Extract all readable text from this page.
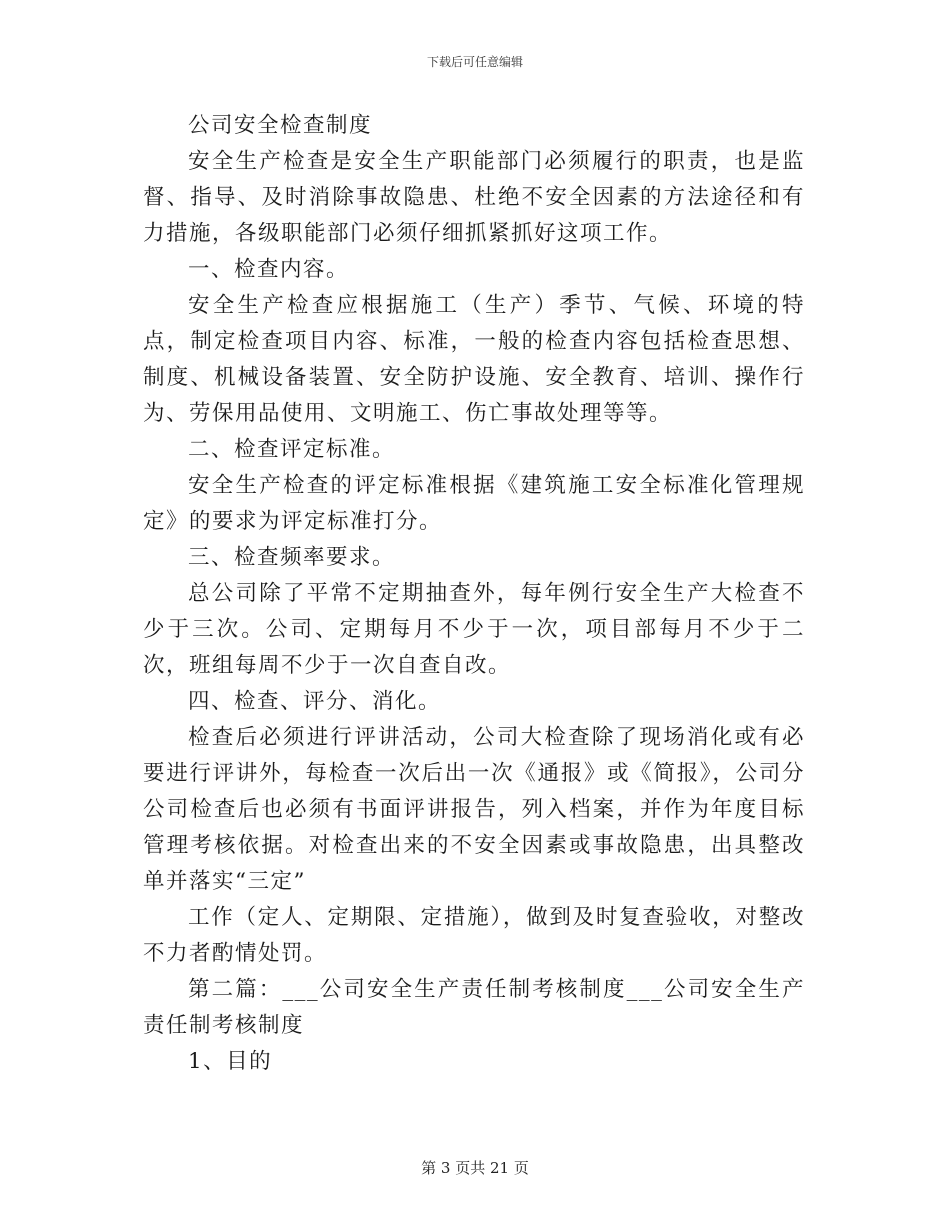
下载后可任意编辑

公司安全检查制度

安全生产检查是安全生产职能部门必须履行的职责，也是监督、指导、及时消除事故隐患、杜绝不安全因素的方法途径和有力措施，各级职能部门必须仔细抓紧抓好这项工作。

一、检查内容。

安全生产检查应根据施工（生产）季节、气候、环境的特点，制定检查项目内容、标准，一般的检查内容包括检查思想、制度、机械设备装置、安全防护设施、安全教育、培训、操作行为、劳保用品使用、文明施工、伤亡事故处理等等。

二、检查评定标准。

安全生产检查的评定标准根据《建筑施工安全标准化管理规定》的要求为评定标准打分。

三、检查频率要求。

总公司除了平常不定期抽查外，每年例行安全生产大检查不少于三次。公司、定期每月不少于一次，项目部每月不少于二次，班组每周不少于一次自查自改。

四、检查、评分、消化。

检查后必须进行评讲活动，公司大检查除了现场消化或有必要进行评讲外，每检查一次后出一次《通报》或《简报》，公司分公司检查后也必须有书面评讲报告，列入档案，并作为年度目标管理考核依据。对检查出来的不安全因素或事故隐患，出具整改单并落实“三定”

工作（定人、定期限、定措施），做到及时复查验收，对整改不力者酌情处罚。

第二篇：___公司安全生产责任制考核制度___公司安全生产责任制考核制度

1、目的

第 3 页共 21 页
